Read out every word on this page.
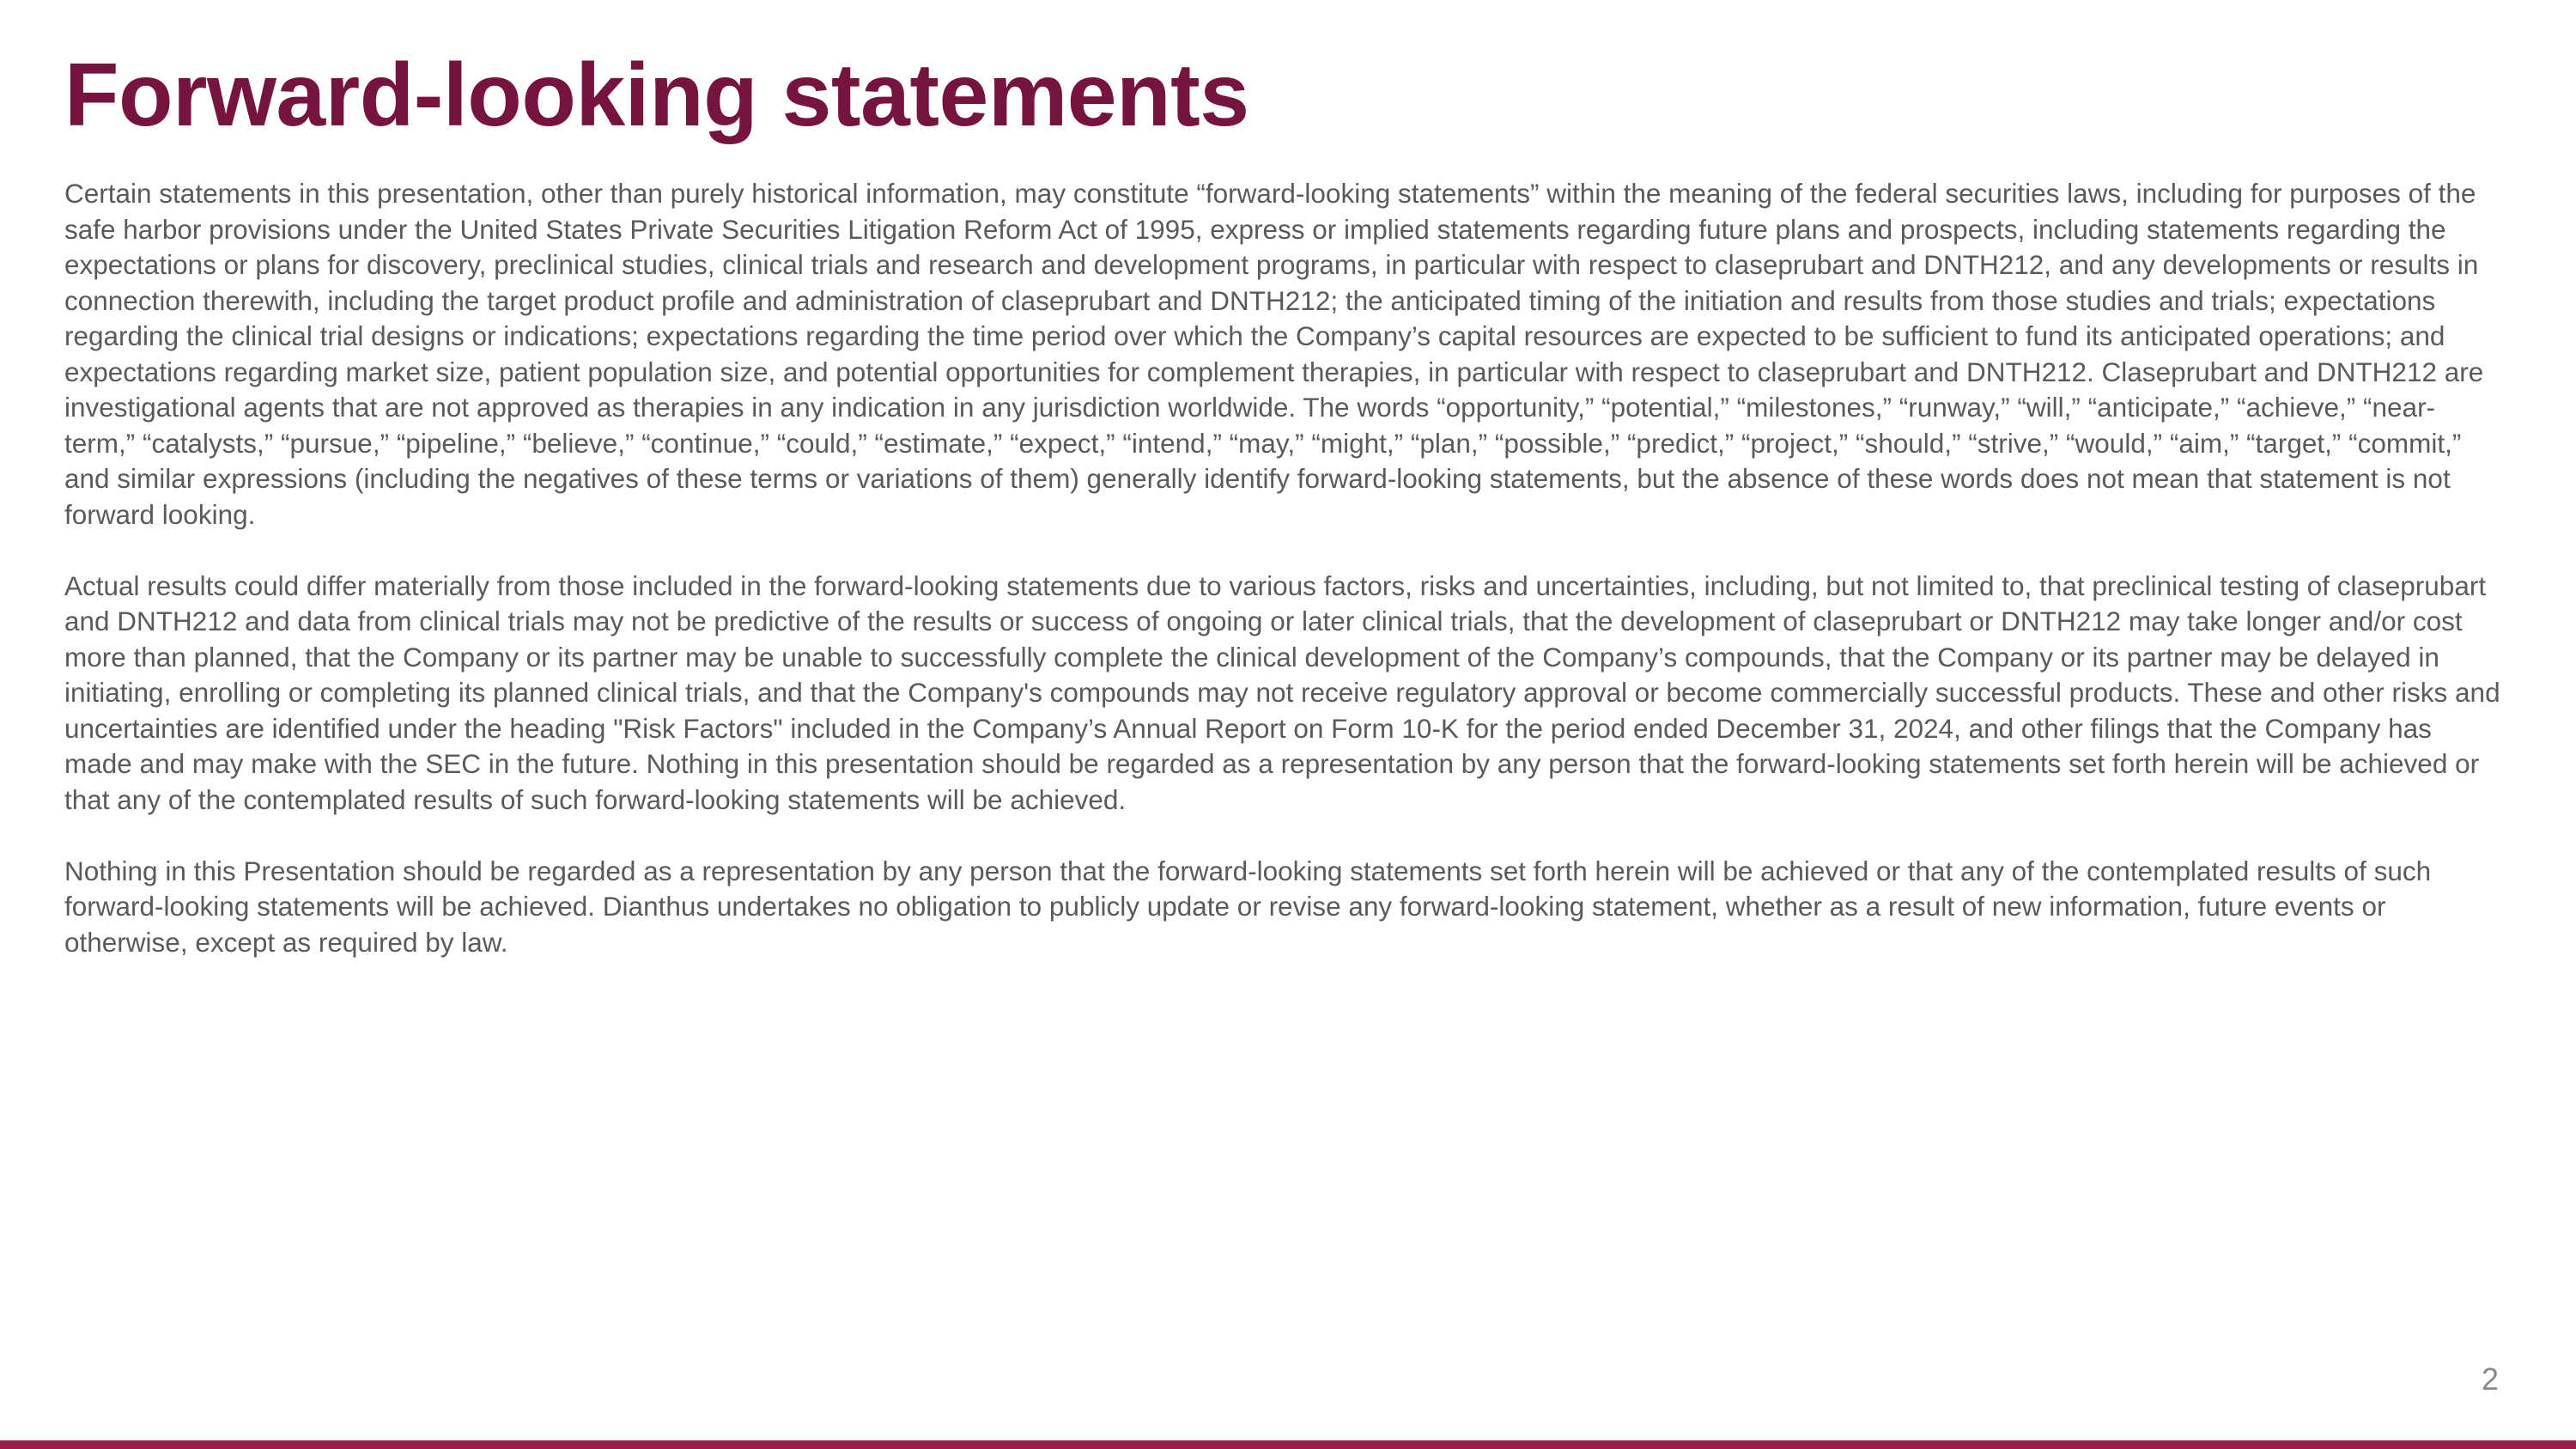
Forward-looking statements

Certain statements in this presentation, other than purely historical information, may constitute “forward-looking statements” within the meaning of the federal securities laws, including for purposes of the safe harbor provisions under the United States Private Securities Litigation Reform Act of 1995, express or implied statements regarding future plans and prospects, including statements regarding the expectations or plans for discovery, preclinical studies, clinical trials and research and development programs, in particular with respect to claseprubart and DNTH212, and any developments or results in connection therewith, including the target product profile and administration of claseprubart and DNTH212; the anticipated timing of the initiation and results from those studies and trials; expectations regarding the clinical trial designs or indications; expectations regarding the time period over which the Company’s capital resources are expected to be sufficient to fund its anticipated operations; and expectations regarding market size, patient population size, and potential opportunities for complement therapies, in particular with respect to claseprubart and DNTH212. Claseprubart and DNTH212 are investigational agents that are not approved as therapies in any indication in any jurisdiction worldwide. The words “opportunity,” “potential,” “milestones,” “runway,” “will,” “anticipate,” “achieve,” “near-term,” “catalysts,” “pursue,” “pipeline,” “believe,” “continue,” “could,” “estimate,” “expect,” “intend,” “may,” “might,” “plan,” “possible,” “predict,” “project,” “should,” “strive,” “would,” “aim,” “target,” “commit,” and similar expressions (including the negatives of these terms or variations of them) generally identify forward-looking statements, but the absence of these words does not mean that statement is not forward looking.

Actual results could differ materially from those included in the forward-looking statements due to various factors, risks and uncertainties, including, but not limited to, that preclinical testing of claseprubart and DNTH212 and data from clinical trials may not be predictive of the results or success of ongoing or later clinical trials, that the development of claseprubart or DNTH212 may take longer and/or cost more than planned, that the Company or its partner may be unable to successfully complete the clinical development of the Company’s compounds, that the Company or its partner may be delayed in initiating, enrolling or completing its planned clinical trials, and that the Company's compounds may not receive regulatory approval or become commercially successful products. These and other risks and uncertainties are identified under the heading "Risk Factors" included in the Company’s Annual Report on Form 10-K for the period ended December 31, 2024, and other filings that the Company has made and may make with the SEC in the future. Nothing in this presentation should be regarded as a representation by any person that the forward-looking statements set forth herein will be achieved or that any of the contemplated results of such forward-looking statements will be achieved.

Nothing in this Presentation should be regarded as a representation by any person that the forward-looking statements set forth herein will be achieved or that any of the contemplated results of such forward-looking statements will be achieved. Dianthus undertakes no obligation to publicly update or revise any forward-looking statement, whether as a result of new information, future events or otherwise, except as required by law.

2
